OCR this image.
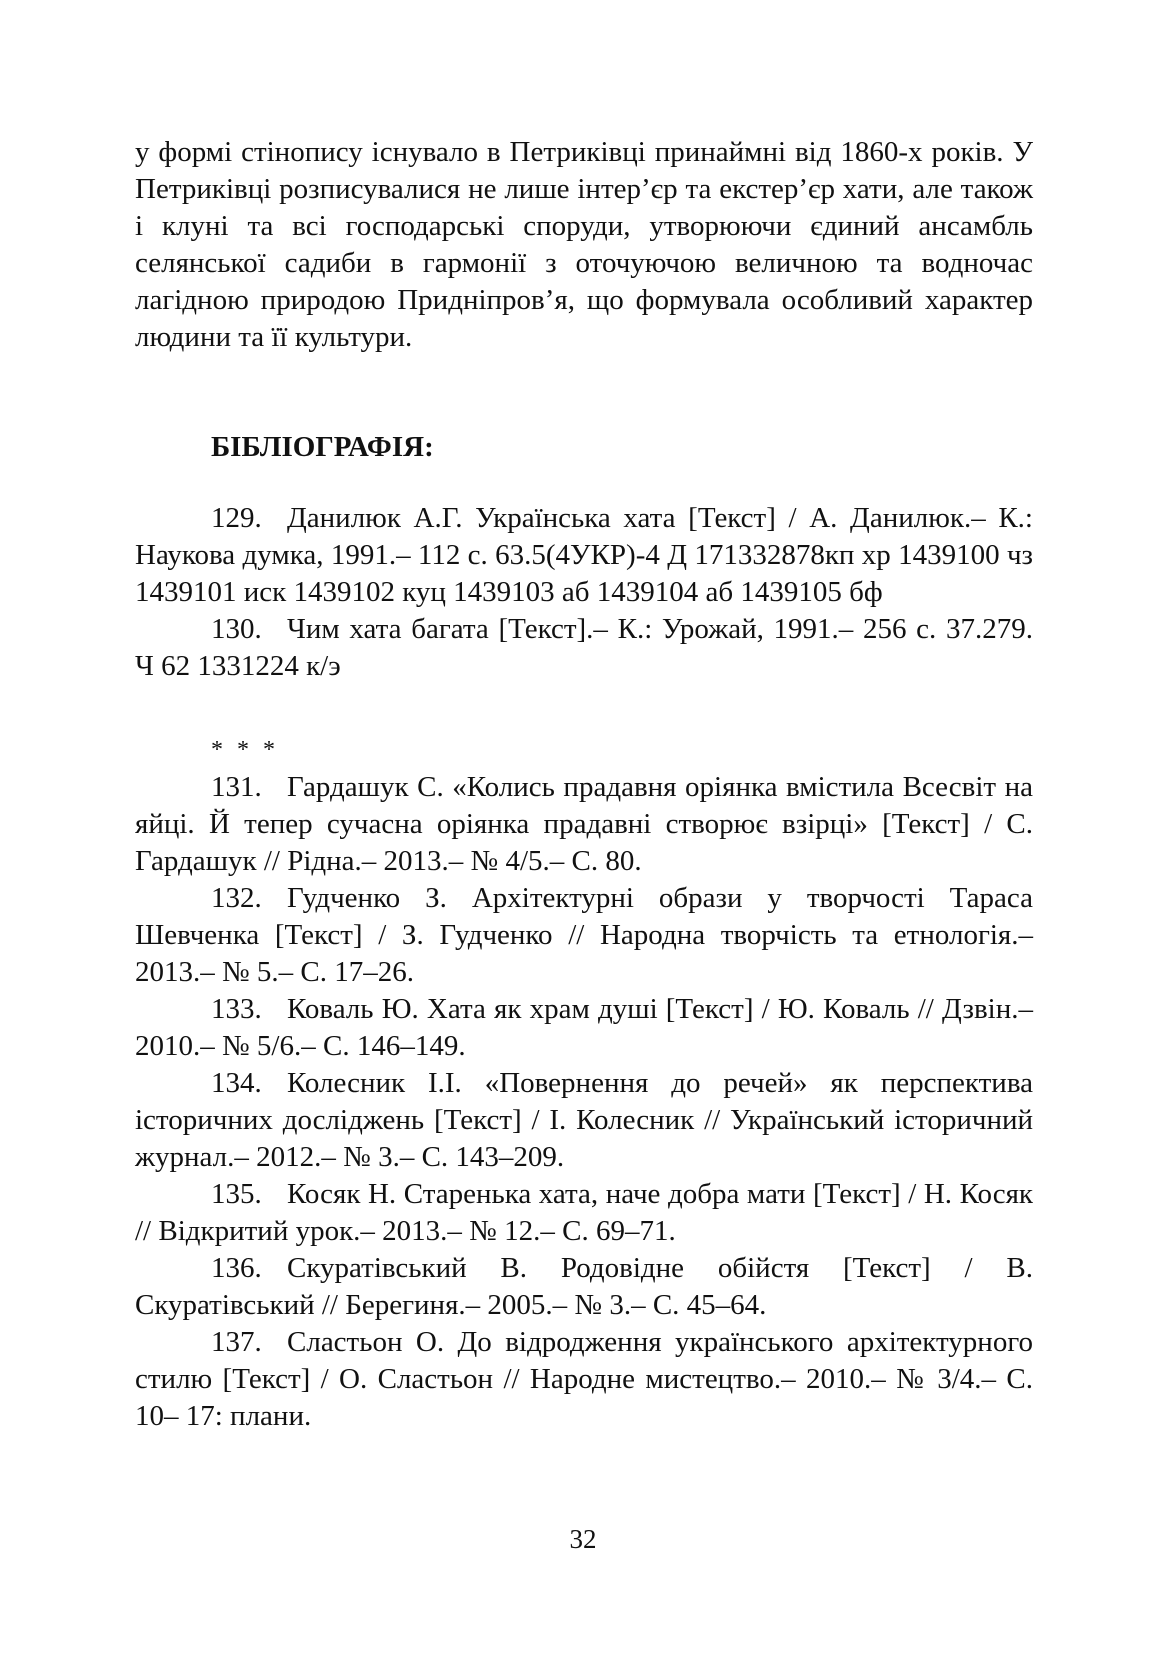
у формі стінопису існувало в Петриківці принаймні від 1860-х років. У Петриківці розписувалися не лише інтер’єр та екстер’єр хати, але також і клуні та всі господарські споруди, утворюючи єдиний ансамбль селянської садиби в гармонії з оточуючою величною та водночас лагідною природою Придніпров’я, що формувала особливий характер людини та її культури.

БІБЛІОГРАФІЯ:

129. Данилюк А.Г. Українська хата [Текст] / А. Данилюк.– К.: Наукова думка, 1991.– 112 с. 63.5(4УКР)-4 Д 171332878кп хр 1439100 чз 1439101 иск 1439102 куц 1439103 аб 1439104 аб 1439105 бф

130. Чим хата багата [Текст].– К.: Урожай, 1991.– 256 с. 37.279. Ч 62 1331224 к/э

* * *

131. Гардашук С. «Колись прадавня оріянка вмістила Всесвіт на яйці. Й тепер сучасна оріянка прадавні створює взірці» [Текст] / С. Гардашук // Рідна.– 2013.– № 4/5.– С. 80.

132. Гудченко З. Архітектурні образи у творчості Тараса Шевченка [Текст] / З. Гудченко // Народна творчість та етнологія.– 2013.– № 5.– С. 17–26.

133. Коваль Ю. Хата як храм душі [Текст] / Ю. Коваль // Дзвін.– 2010.– № 5/6.– С. 146–149.

134. Колесник І.І. «Повернення до речей» як перспектива історичних досліджень [Текст] / І. Колесник // Український історичний журнал.– 2012.– № 3.– С. 143–209.

135. Косяк Н. Старенька хата, наче добра мати [Текст] / Н. Косяк // Відкритий урок.– 2013.– № 12.– С. 69–71.

136. Скуратівський В. Родовідне обійстя [Текст] / В. Скуратівський // Берегиня.– 2005.– № 3.– С. 45–64.

137. Сластьон О. До відродження українського архітектурного стилю [Текст] / О. Сластьон // Народне мистецтво.– 2010.– № 3/4.– С. 10– 17: плани.

32
